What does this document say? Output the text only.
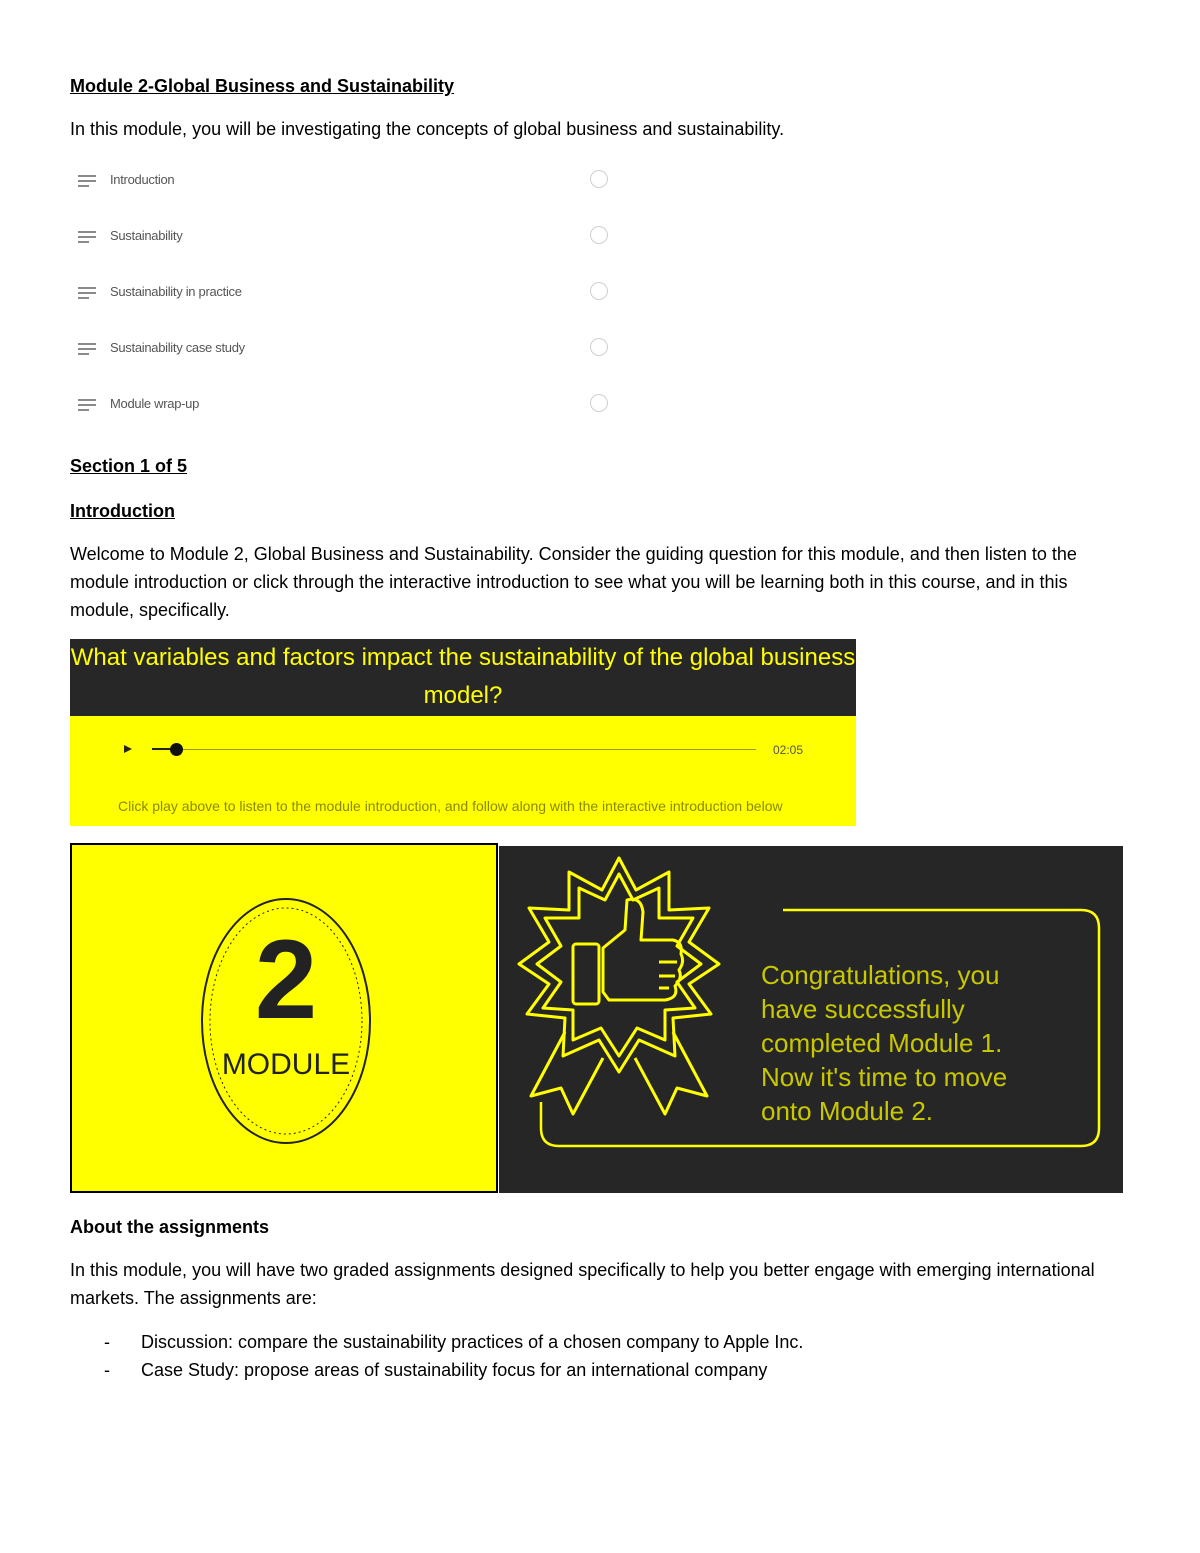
Module 2-Global Business and Sustainability
In this module, you will be investigating the concepts of global business and sustainability.
Introduction
Sustainability
Sustainability in practice
Sustainability case study
Module wrap-up
Section 1 of 5
Introduction
Welcome to Module 2, Global Business and Sustainability. Consider the guiding question for this module, and then listen to the module introduction or click through the interactive introduction to see what you will be learning both in this course, and in this module, specifically.
What variables and factors impact the sustainability of the global business model?
02:05
Click play above to listen to the module introduction, and follow along with the interactive introduction below
2
MODULE
Congratulations, you have successfully completed Module 1. Now it's time to move onto Module 2.
About the assignments
In this module, you will have two graded assignments designed specifically to help you better engage with emerging international markets. The assignments are:
- Discussion: compare the sustainability practices of a chosen company to Apple Inc.
- Case Study: propose areas of sustainability focus for an international company
